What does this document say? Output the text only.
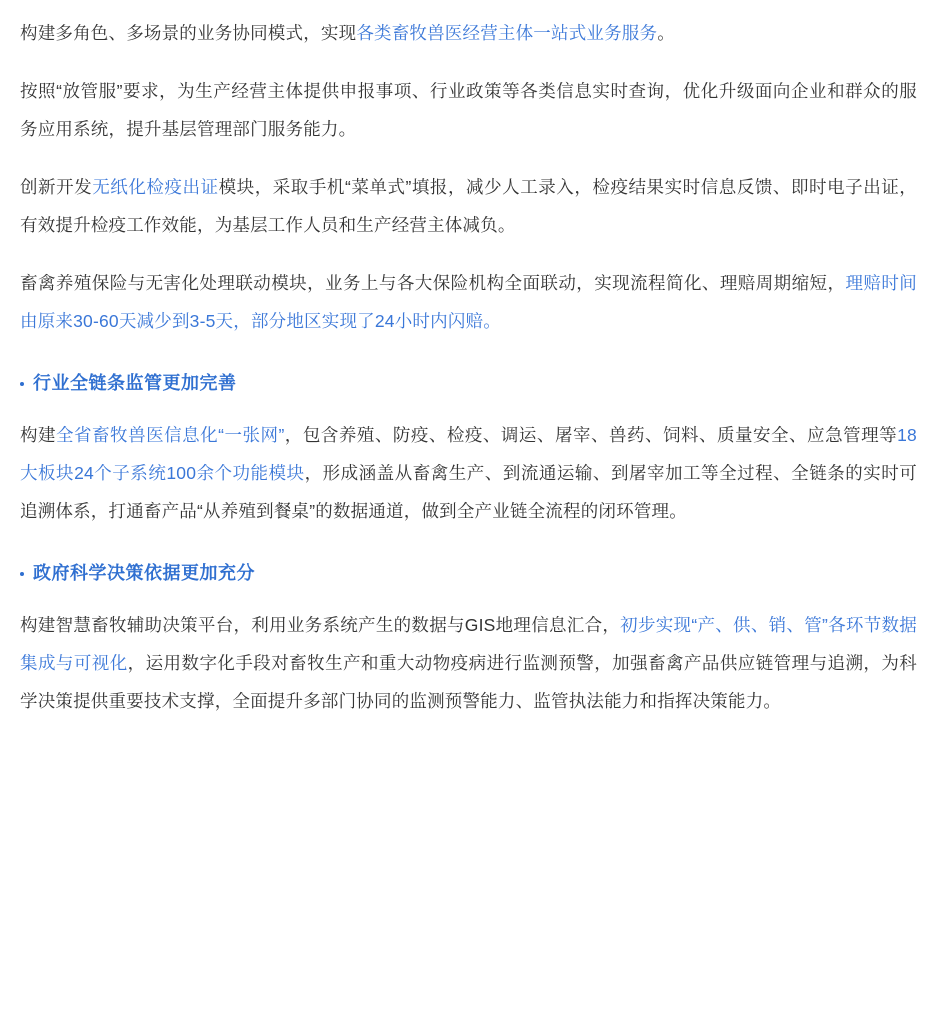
构建多角色、多场景的业务协同模式，实现各类畜牧兽医经营主体一站式业务服务。

按照“放管服”要求，为生产经营主体提供申报事项、行业政策等各类信息实时查询，优化升级面向企业和群众的服务应用系统，提升基层管理部门服务能力。

创新开发无纸化检疫出证模块，采取手机“菜单式”填报，减少人工录入，检疫结果实时信息反馈、即时电子出证，有效提升检疫工作效能，为基层工作人员和生产经营主体减负。

畜禽养殖保险与无害化处理联动模块，业务上与各大保险机构全面联动，实现流程简化、理赔周期缩短，理赔时间由原来30-60天减少到3-5天，部分地区实现了24小时内闪赔。

行业全链条监管更加完善

构建全省畜牧兽医信息化“一张网”，包含养殖、防疫、检疫、调运、屠宰、兽药、饲料、质量安全、应急管理等18大板块24个子系统100余个功能模块，形成涵盖从畜禽生产、到流通运输、到屠宰加工等全过程、全链条的实时可追溯体系，打通畜产品“从养殖到餐桌”的数据通道，做到全产业链全流程的闭环管理。

政府科学决策依据更加充分

构建智慧畜牧辅助决策平台，利用业务系统产生的数据与GIS地理信息汇合，初步实现“产、供、销、管”各环节数据集成与可视化，运用数字化手段对畜牧生产和重大动物疫病进行监测预警，加强畜禽产品供应链管理与追溯，为科学决策提供重要技术支撑，全面提升多部门协同的监测预警能力、监管执法能力和指挥决策能力。
